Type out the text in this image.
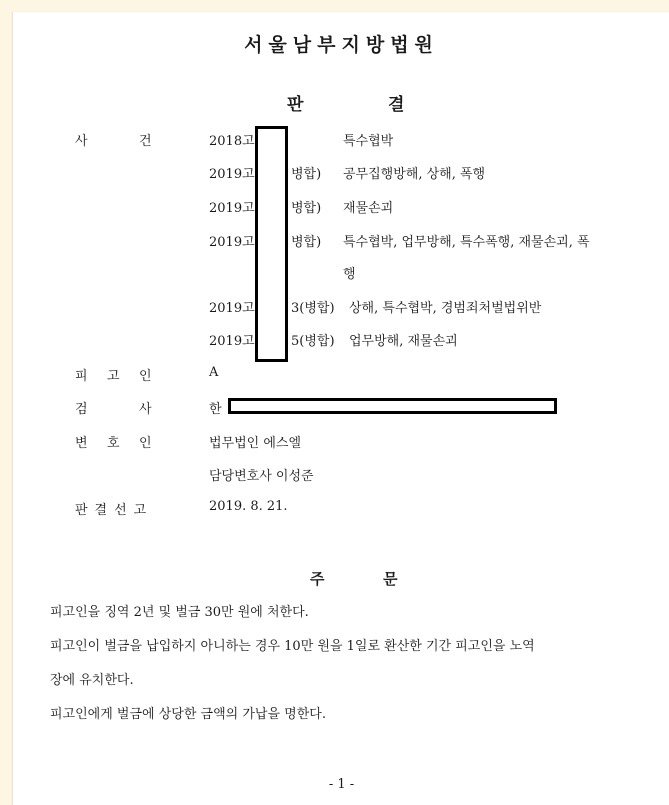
서울남부지방법원
판	결
사	건	2018고	특수협박
2019고	병합) 공무집행방해, 상해, 폭행
2019고	병합) 재물손괴
2019고	병합) 특수협박, 업무방해, 특수폭행, 재물손괴, 폭
행
2019고	3(병합) 상해, 특수협박, 경범죄처벌법위반
2019고	5(병합) 업무방해, 재물손괴
피 고 인	A
검	사	한
변 호 인	법무법인 에스엘
담당변호사 이성준
판결선고	2019. 8. 21.
주	문
피고인을 징역 2년 및 벌금 30만 원에 처한다.
피고인이 벌금을 납입하지 아니하는 경우 10만 원을 1일로 환산한 기간 피고인을 노역
장에 유치한다.
피고인에게 벌금에 상당한 금액의 가납을 명한다.
- 1 -
